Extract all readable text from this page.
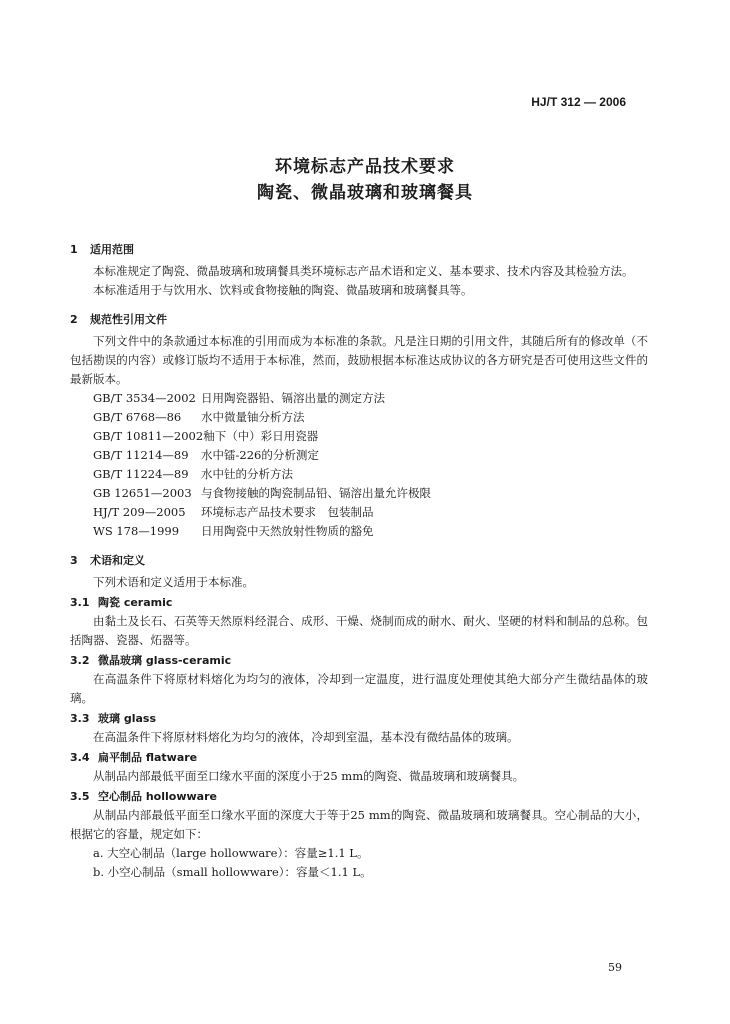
HJ/T 312 — 2006
环境标志产品技术要求
陶瓷、微晶玻璃和玻璃餐具
1 适用范围

本标准规定了陶瓷、微晶玻璃和玻璃餐具类环境标志产品术语和定义、基本要求、技术内容及其检验方法。

本标准适用于与饮用水、饮料或食物接触的陶瓷、微晶玻璃和玻璃餐具等。

2 规范性引用文件

下列文件中的条款通过本标准的引用而成为本标准的条款。凡是注日期的引用文件，其随后所有的修改单（不包括勘误的内容）或修订版均不适用于本标准，然而，鼓励根据本标准达成协议的各方研究是否可使用这些文件的最新版本。

GB/T 3534—2002 日用陶瓷器铅、镉溶出量的测定方法
GB/T 6768—86 水中微量铀分析方法
GB/T 10811—2002釉下（中）彩日用瓷器
GB/T 11214—89 水中镭-226的分析测定
GB/T 11224—89 水中钍的分析方法
GB 12651—2003 与食物接触的陶瓷制品铅、镉溶出量允许极限
HJ/T 209—2005 环境标志产品技术要求　包装制品
WS 178—1999 日用陶瓷中天然放射性物质的豁免
3 术语和定义

下列术语和定义适用于本标准。

3.1 陶瓷 ceramic

由黏土及长石、石英等天然原料经混合、成形、干燥、烧制而成的耐水、耐火、坚硬的材料和制品的总称。包括陶器、瓷器、炻器等。

3.2 微晶玻璃 glass-ceramic

在高温条件下将原材料熔化为均匀的液体，冷却到一定温度，进行温度处理使其绝大部分产生微结晶体的玻璃。

3.3 玻璃 glass

在高温条件下将原材料熔化为均匀的液体，冷却到室温，基本没有微结晶体的玻璃。

3.4 扁平制品 flatware

从制品内部最低平面至口缘水平面的深度小于25 mm的陶瓷、微晶玻璃和玻璃餐具。

3.5 空心制品 hollowware

从制品内部最低平面至口缘水平面的深度大于等于25 mm的陶瓷、微晶玻璃和玻璃餐具。空心制品的大小，根据它的容量，规定如下：

a. 大空心制品（large hollowware）：容量≥1.1 L。
b. 小空心制品（small hollowware）：容量＜1.1 L。
59
